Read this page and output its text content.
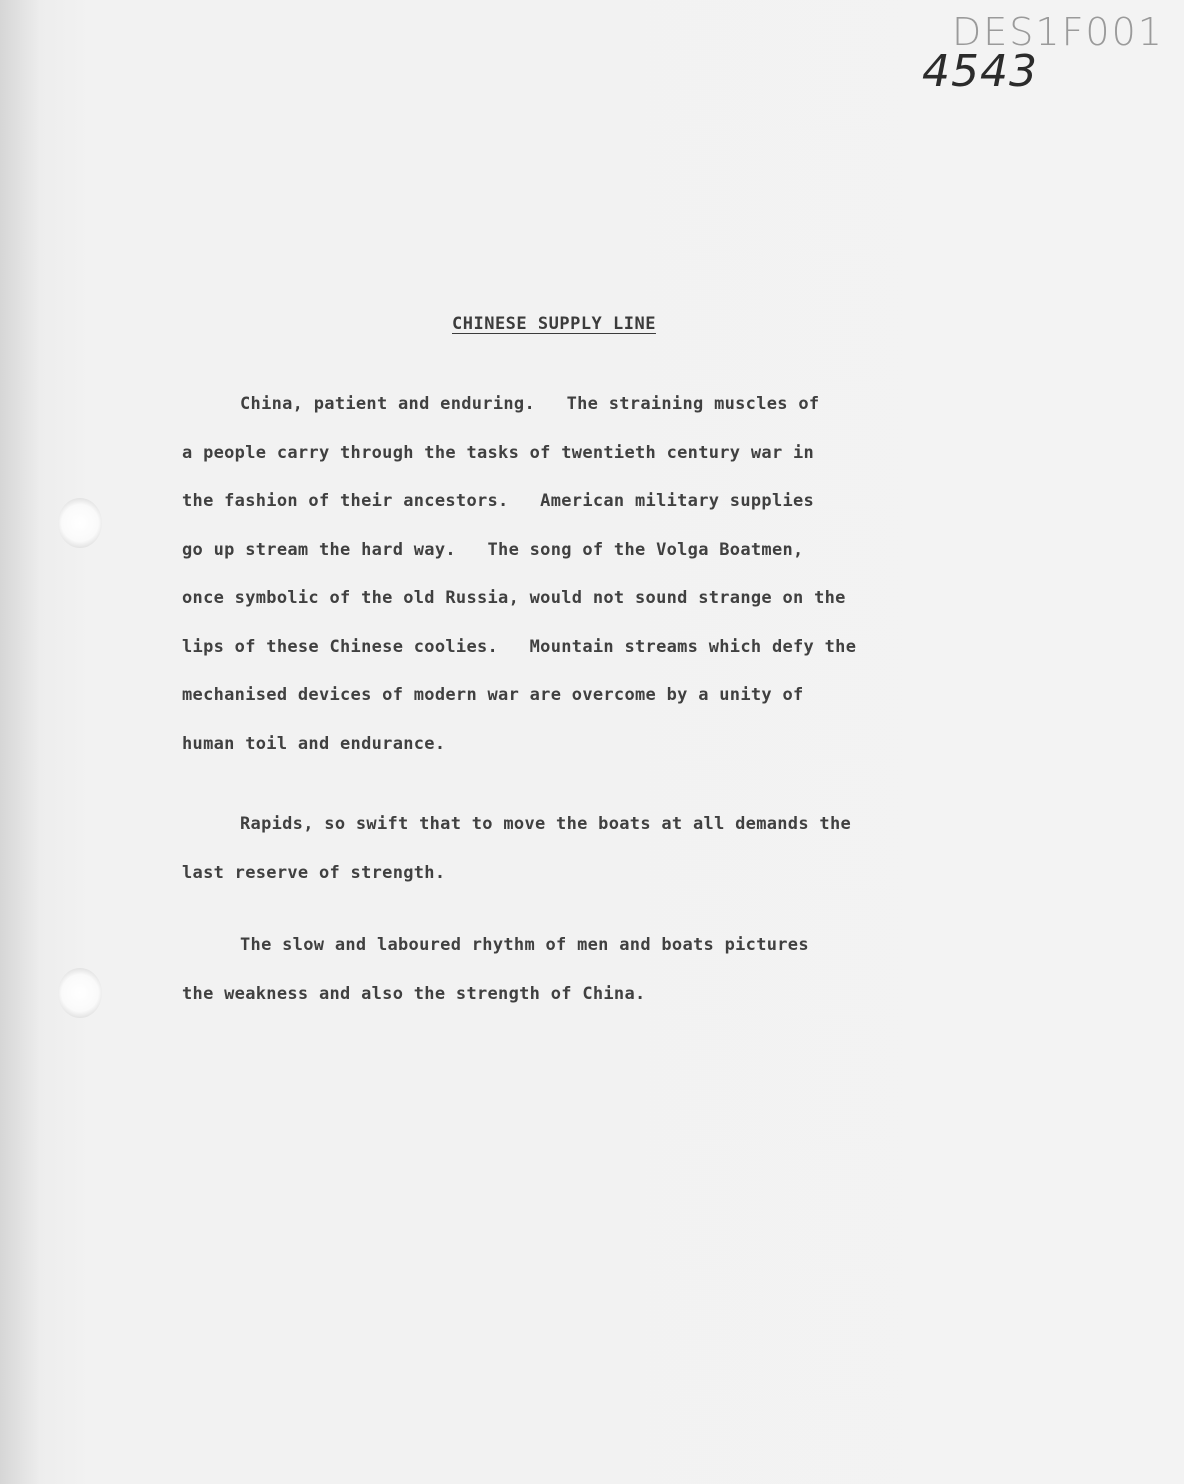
DES1F001
4543
CHINESE SUPPLY LINE
China, patient and enduring.   The straining muscles of
a people carry through the tasks of twentieth century war in
the fashion of their ancestors.   American military supplies
go up stream the hard way.   The song of the Volga Boatmen,
once symbolic of the old Russia, would not sound strange on the
lips of these Chinese coolies.   Mountain streams which defy the
mechanised devices of modern war are overcome by a unity of
human toil and endurance.
Rapids, so swift that to move the boats at all demands the
last reserve of strength.
The slow and laboured rhythm of men and boats pictures
the weakness and also the strength of China.
